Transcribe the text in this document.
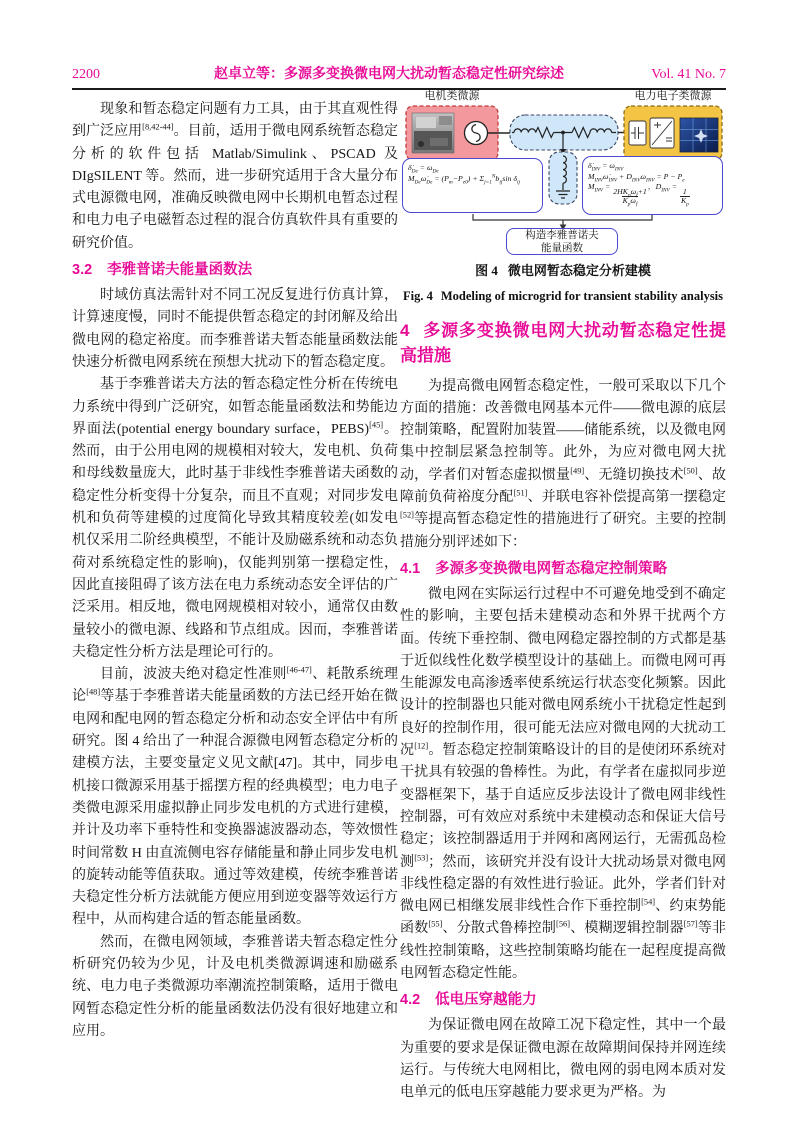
2200	赵卓立等：多源多变换微电网大扰动暂态稳定性研究综述	Vol. 41 No. 7

现象和暂态稳定问题有力工具，由于其直观性得到广泛应用[8,42-44]。目前，适用于微电网系统暂态稳定分析的软件包括 Matlab/Simulink、PSCAD 及 DIgSILENT 等。然而，进一步研究适用于含大量分布式电源微电网，准确反映微电网中长期机电暂态过程和电力电子电磁暂态过程的混合仿真软件具有重要的研究价值。

3.2 李雅普诺夫能量函数法

时域仿真法需针对不同工况反复进行仿真计算，计算速度慢，同时不能提供暂态稳定的封闭解及给出微电网的稳定裕度。而李雅普诺夫暂态能量函数法能快速分析微电网系统在预想大扰动下的暂态稳定度。

基于李雅普诺夫方法的暂态稳定性分析在传统电力系统中得到广泛研究，如暂态能量函数法和势能边界面法(potential energy boundary surface，PEBS)[45]。然而，由于公用电网的规模相对较大，发电机、负荷和母线数量庞大，此时基于非线性李雅普诺夫函数的稳定性分析变得十分复杂，而且不直观；对同步发电机和负荷等建模的过度简化导致其精度较差(如发电机仅采用二阶经典模型，不能计及励磁系统和动态负荷对系统稳定性的影响)，仅能判别第一摆稳定性，因此直接阻碍了该方法在电力系统动态安全评估的广泛采用。相反地，微电网规模相对较小，通常仅由数量较小的微电源、线路和节点组成。因而，李雅普诺夫稳定性分析方法是理论可行的。

目前，波波夫绝对稳定性准则[46-47]、耗散系统理论[48]等基于李雅普诺夫能量函数的方法已经开始在微电网和配电网的暂态稳定分析和动态安全评估中有所研究。图 4 给出了一种混合源微电网暂态稳定分析的建模方法，主要变量定义见文献[47]。其中，同步电机接口微源采用基于摇摆方程的经典模型；电力电子类微电源采用虚拟静止同步发电机的方式进行建模，并计及功率下垂特性和变换器滤波器动态，等效惯性时间常数 H 由直流侧电容存储能量和静止同步发电机的旋转动能等值获取。通过等效建模，传统李雅普诺夫稳定性分析方法就能方便应用到逆变器等效运行方程中，从而构建合适的暂态能量函数。

然而，在微电网领域，李雅普诺夫暂态稳定性分析研究仍较为少见，计及电机类微源调速和励磁系统、电力电子类微源功率潮流控制策略，适用于微电网暂态稳定性分析的能量函数法仍没有很好地建立和应用。

电机类微源	电力电子类微源
$\deltȧ_{De} = \omega_{De}$
$M_{De}\omegȧ_{De} = (P_m-P_{e0}) + \Sigma_{j=1}^Nb_{ij}\sin$ $\delta_{ij}$
$\deltȧ_{INV} = \omega_{INV}$
$M_{INV}\omegȧ_{INV} + D_{INV}\omega_{INV} = P - P_e$
$M_{INV}$ =
$\frac{2HK_p\omega_f+1}{K_p\omega_f}$
，$D_{INV}$ =
$\frac{1}{K_p}$
构造李雅普诺夫
能量函数
图 4 微电网暂态稳定分析建模
Fig. 4 Modeling of microgrid for transient stability analysis
4 多源多变换微电网大扰动暂态稳定性提高措施

为提高微电网暂态稳定性，一般可采取以下几个方面的措施：改善微电网基本元件——微电源的底层控制策略，配置附加装置——储能系统，以及微电网集中控制层紧急控制等。此外，为应对微电网大扰动，学者们对暂态虚拟惯量[49]、无缝切换技术[50]、故障前负荷裕度分配[51]、并联电容补偿提高第一摆稳定[52]等提高暂态稳定性的措施进行了研究。主要的控制措施分别评述如下：

4.1 多源多变换微电网暂态稳定控制策略

微电网在实际运行过程中不可避免地受到不确定性的影响，主要包括未建模动态和外界干扰两个方面。传统下垂控制、微电网稳定器控制的方式都是基于近似线性化数学模型设计的基础上。而微电网可再生能源发电高渗透率使系统运行状态变化频繁。因此设计的控制器也只能对微电网系统小干扰稳定性起到良好的控制作用，很可能无法应对微电网的大扰动工况[12]。暂态稳定控制策略设计的目的是使闭环系统对干扰具有较强的鲁棒性。为此，有学者在虚拟同步逆变器框架下，基于自适应反步法设计了微电网非线性控制器，可有效应对系统中未建模动态和保证大信号稳定；该控制器适用于并网和离网运行，无需孤岛检测[53]；然而，该研究并没有设计大扰动场景对微电网非线性稳定器的有效性进行验证。此外，学者们针对微电网已相继发展非线性合作下垂控制[54]、约束势能函数[55]、分散式鲁棒控制[56]、模糊逻辑控制器[57]等非线性控制策略，这些控制策略均能在一起程度提高微电网暂态稳定性能。

4.2 低电压穿越能力

为保证微电网在故障工况下稳定性，其中一个最为重要的要求是保证微电源在故障期间保持并网连续运行。与传统大电网相比，微电网的弱电网本质对发电单元的低电压穿越能力要求更为严格。为
